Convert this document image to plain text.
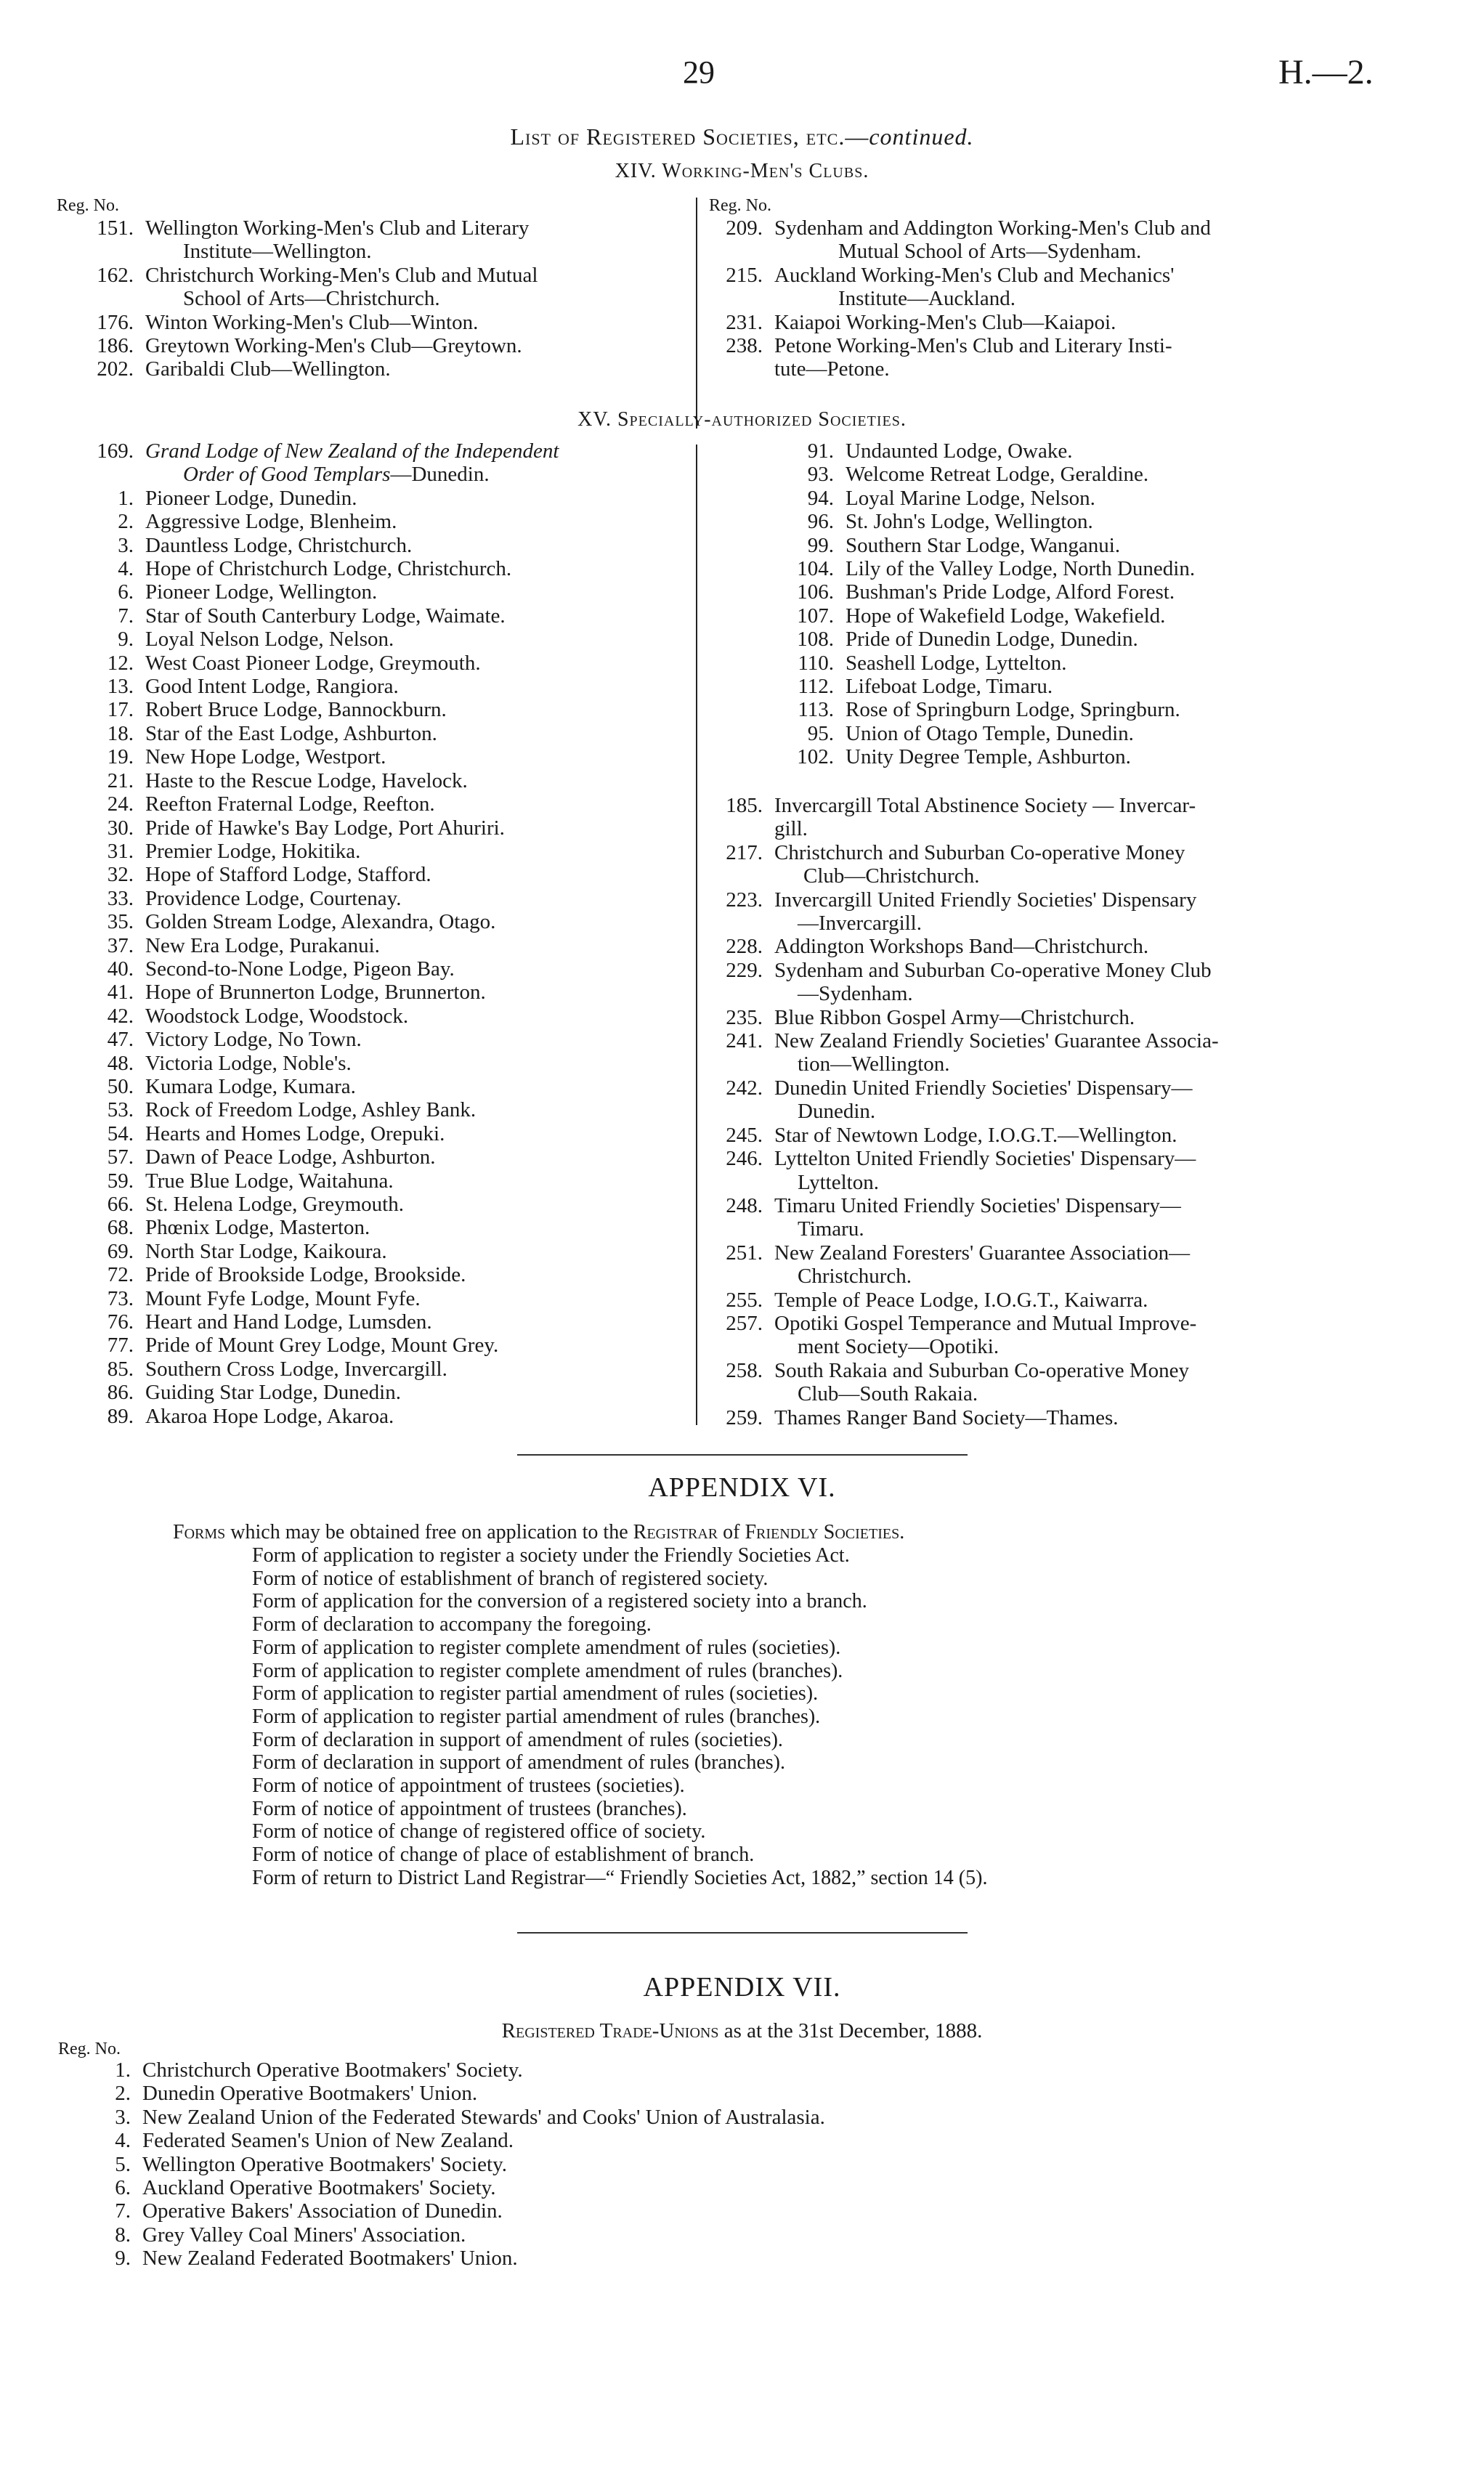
29	H.—2.
List of Registered Societies, etc.—continued.
XIV. Working-Men's Clubs.
Reg. No.	Reg. No.
151. Wellington Working-Men's Club and Literary
Institute—Wellington.
162. Christchurch Working-Men's Club and Mutual
School of Arts—Christchurch.
176. Winton Working-Men's Club—Winton.
186. Greytown Working-Men's Club—Greytown.
202. Garibaldi Club—Wellington.
209. Sydenham and Addington Working-Men's Club and
Mutual School of Arts—Sydenham.
215. Auckland Working-Men's Club and Mechanics'
Institute—Auckland.
231. Kaiapoi Working-Men's Club—Kaiapoi.
238. Petone Working-Men's Club and Literary Insti-
tute—Petone.
XV. Specially-authorized Societies.
169. Grand Lodge of New Zealand of the Independent
Order of Good Templars—Dunedin.
1. Pioneer Lodge, Dunedin.
2. Aggressive Lodge, Blenheim.
3. Dauntless Lodge, Christchurch.
4. Hope of Christchurch Lodge, Christchurch.
6. Pioneer Lodge, Wellington.
7. Star of South Canterbury Lodge, Waimate.
9. Loyal Nelson Lodge, Nelson.
12. West Coast Pioneer Lodge, Greymouth.
13. Good Intent Lodge, Rangiora.
17. Robert Bruce Lodge, Bannockburn.
18. Star of the East Lodge, Ashburton.
19. New Hope Lodge, Westport.
21. Haste to the Rescue Lodge, Havelock.
24. Reefton Fraternal Lodge, Reefton.
30. Pride of Hawke's Bay Lodge, Port Ahuriri.
31. Premier Lodge, Hokitika.
32. Hope of Stafford Lodge, Stafford.
33. Providence Lodge, Courtenay.
35. Golden Stream Lodge, Alexandra, Otago.
37. New Era Lodge, Purakanui.
40. Second-to-None Lodge, Pigeon Bay.
41. Hope of Brunnerton Lodge, Brunnerton.
42. Woodstock Lodge, Woodstock.
47. Victory Lodge, No Town.
48. Victoria Lodge, Noble's.
50. Kumara Lodge, Kumara.
53. Rock of Freedom Lodge, Ashley Bank.
54. Hearts and Homes Lodge, Orepuki.
57. Dawn of Peace Lodge, Ashburton.
59. True Blue Lodge, Waitahuna.
66. St. Helena Lodge, Greymouth.
68. Phœnix Lodge, Masterton.
69. North Star Lodge, Kaikoura.
72. Pride of Brookside Lodge, Brookside.
73. Mount Fyfe Lodge, Mount Fyfe.
76. Heart and Hand Lodge, Lumsden.
77. Pride of Mount Grey Lodge, Mount Grey.
85. Southern Cross Lodge, Invercargill.
86. Guiding Star Lodge, Dunedin.
89. Akaroa Hope Lodge, Akaroa.
91. Undaunted Lodge, Owake.
93. Welcome Retreat Lodge, Geraldine.
94. Loyal Marine Lodge, Nelson.
96. St. John's Lodge, Wellington.
99. Southern Star Lodge, Wanganui.
104. Lily of the Valley Lodge, North Dunedin.
106. Bushman's Pride Lodge, Alford Forest.
107. Hope of Wakefield Lodge, Wakefield.
108. Pride of Dunedin Lodge, Dunedin.
110. Seashell Lodge, Lyttelton.
112. Lifeboat Lodge, Timaru.
113. Rose of Springburn Lodge, Springburn.
95. Union of Otago Temple, Dunedin.
102. Unity Degree Temple, Ashburton.
185. Invercargill Total Abstinence Society — Invercar-
gill.
217. Christchurch and Suburban Co-operative Money
Club—Christchurch.
223. Invercargill United Friendly Societies' Dispensary
—Invercargill.
228. Addington Workshops Band—Christchurch.
229. Sydenham and Suburban Co-operative Money Club
—Sydenham.
235. Blue Ribbon Gospel Army—Christchurch.
241. New Zealand Friendly Societies' Guarantee Associa-
tion—Wellington.
242. Dunedin United Friendly Societies' Dispensary—
Dunedin.
245. Star of Newtown Lodge, I.O.G.T.—Wellington.
246. Lyttelton United Friendly Societies' Dispensary—
Lyttelton.
248. Timaru United Friendly Societies' Dispensary—
Timaru.
251. New Zealand Foresters' Guarantee Association—
Christchurch.
255. Temple of Peace Lodge, I.O.G.T., Kaiwarra.
257. Opotiki Gospel Temperance and Mutual Improve-
ment Society—Opotiki.
258. South Rakaia and Suburban Co-operative Money
Club—South Rakaia.
259. Thames Ranger Band Society—Thames.
APPENDIX VI.
Forms which may be obtained free on application to the Registrar of Friendly Societies.
Form of application to register a society under the Friendly Societies Act.
Form of notice of establishment of branch of registered society.
Form of application for the conversion of a registered society into a branch.
Form of declaration to accompany the foregoing.
Form of application to register complete amendment of rules (societies).
Form of application to register complete amendment of rules (branches).
Form of application to register partial amendment of rules (societies).
Form of application to register partial amendment of rules (branches).
Form of declaration in support of amendment of rules (societies).
Form of declaration in support of amendment of rules (branches).
Form of notice of appointment of trustees (societies).
Form of notice of appointment of trustees (branches).
Form of notice of change of registered office of society.
Form of notice of change of place of establishment of branch.
Form of return to District Land Registrar—“ Friendly Societies Act, 1882,” section 14 (5).
APPENDIX VII.
Registered Trade-Unions as at the 31st December, 1888.
Reg. No.
1. Christchurch Operative Bootmakers' Society.
2. Dunedin Operative Bootmakers' Union.
3. New Zealand Union of the Federated Stewards' and Cooks' Union of Australasia.
4. Federated Seamen's Union of New Zealand.
5. Wellington Operative Bootmakers' Society.
6. Auckland Operative Bootmakers' Society.
7. Operative Bakers' Association of Dunedin.
8. Grey Valley Coal Miners' Association.
9. New Zealand Federated Bootmakers' Union.
